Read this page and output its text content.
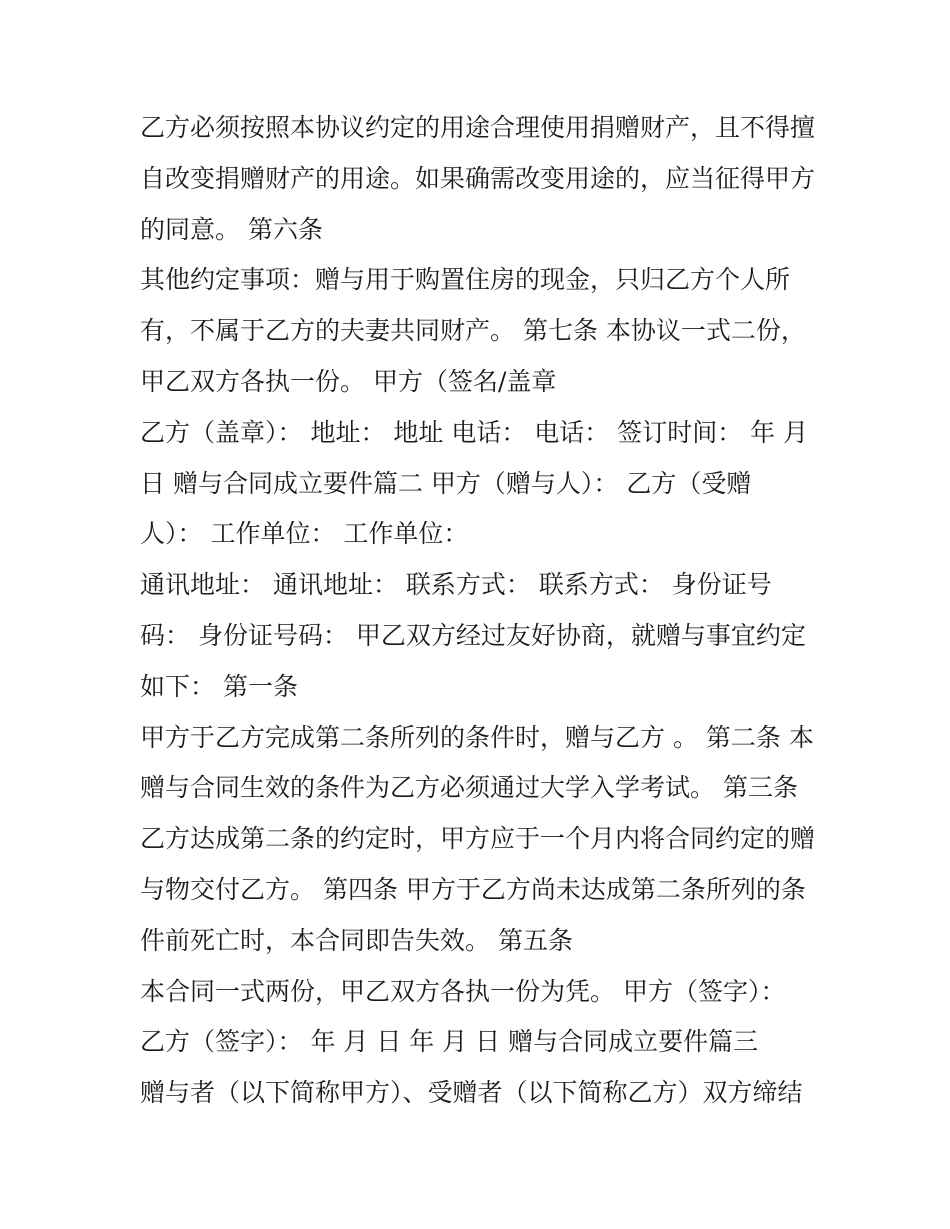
乙方必须按照本协议约定的用途合理使用捐赠财产，且不得擅
自改变捐赠财产的用途。如果确需改变用途的，应当征得甲方
的同意。 第六条
其他约定事项：赠与用于购置住房的现金，只归乙方个人所
有，不属于乙方的夫妻共同财产。 第七条 本协议一式二份，
甲乙双方各执一份。 甲方（签名/盖章
乙方（盖章）： 地址： 地址 电话： 电话： 签订时间： 年 月
日 赠与合同成立要件篇二 甲方（赠与人）： 乙方（受赠
人）： 工作单位： 工作单位：
通讯地址： 通讯地址： 联系方式： 联系方式： 身份证号
码： 身份证号码： 甲乙双方经过友好协商，就赠与事宜约定
如下： 第一条
甲方于乙方完成第二条所列的条件时，赠与乙方 。 第二条 本
赠与合同生效的条件为乙方必须通过大学入学考试。 第三条
乙方达成第二条的约定时，甲方应于一个月内将合同约定的赠
与物交付乙方。 第四条 甲方于乙方尚未达成第二条所列的条
件前死亡时，本合同即告失效。 第五条
本合同一式两份，甲乙双方各执一份为凭。 甲方（签字）：
乙方（签字）： 年 月 日 年 月 日 赠与合同成立要件篇三
赠与者（以下简称甲方）、受赠者（以下简称乙方）双方缔结
